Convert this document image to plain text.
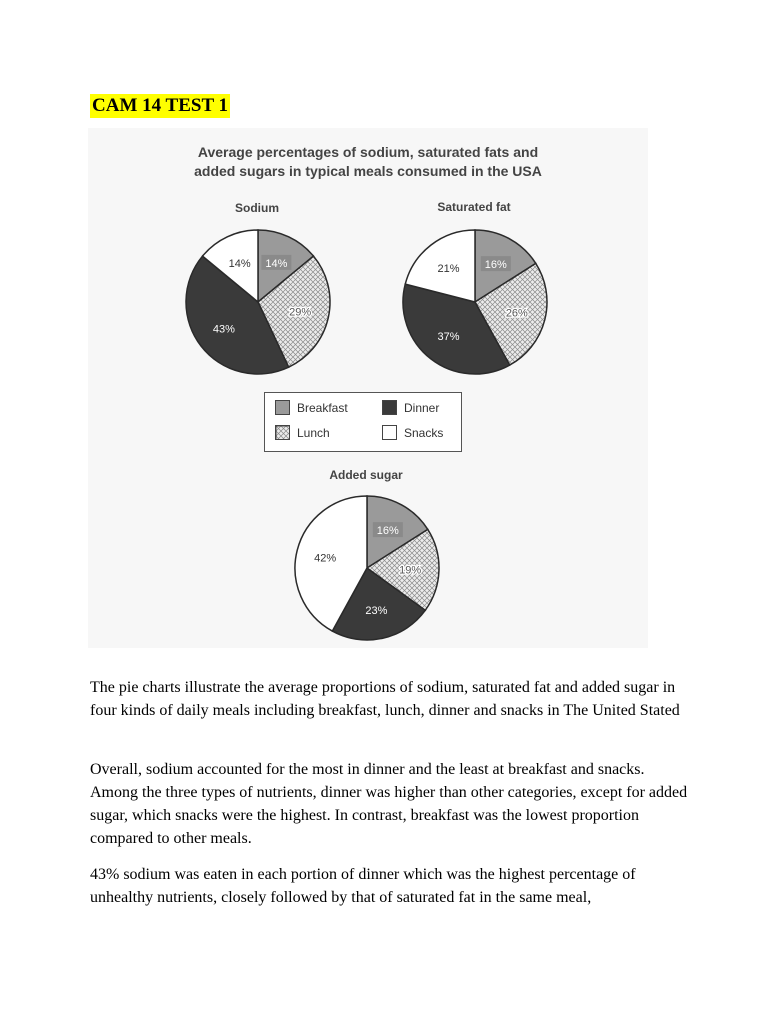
CAM 14 TEST 1
Average percentages of sodium, saturated fats and
added sugars in typical meals consumed in the USA
Sodium	Saturated fat
Added sugar
14%
29%
43%
14%	16%
26%
37%
21%
16%
19%
23%
42%
Breakfast	Dinner
Lunch	Snacks

The pie charts illustrate the average proportions of sodium, saturated fat and added sugar in four kinds of daily meals including breakfast, lunch, dinner and snacks in The United Stated

Overall, sodium accounted for the most in dinner and the least at breakfast and snacks. Among the three types of nutrients, dinner was higher than other categories, except for added sugar, which snacks were the highest. In contrast, breakfast was the lowest proportion compared to other meals.

43% sodium was eaten in each portion of dinner which was the highest percentage of unhealthy nutrients, closely followed by that of saturated fat in the same meal,
